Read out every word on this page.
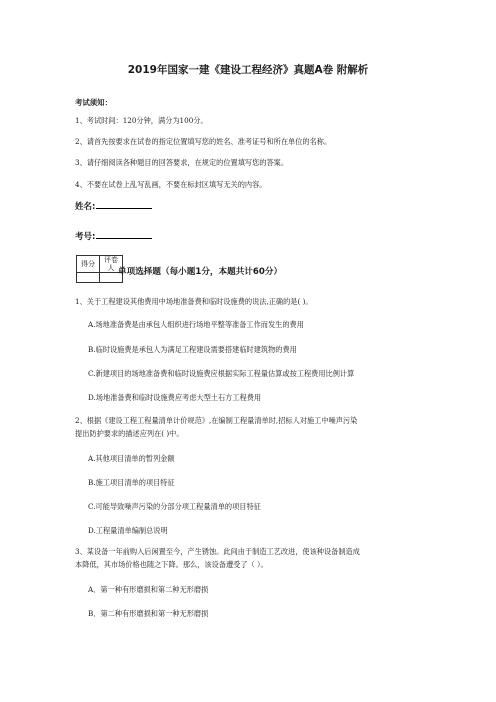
2019年国家一建《建设工程经济》真题A卷 附解析
考试须知：
1、考试时间：120分钟，满分为100分。
2、请首先按要求在试卷的指定位置填写您的姓名、准考证号和所在单位的名称。
3、请仔细阅读各种题目的回答要求，在规定的位置填写您的答案。
4、不要在试卷上乱写乱画，不要在标封区填写无关的内容。
姓名:
考号:
得分	评卷人
	单项选择题（每小题1分，本题共计60分）
1、关于工程建设其他费用中场地准备费和临时设施费的说法,正确的是( )。
A.场地准备费是由承包人组织进行场地平整等准备工作而发生的费用
B.临时设施费是承包人为满足工程建设需要搭建临时建筑物的费用
C.新建项目的场地准备费和临时设施费应根据实际工程量估算或按工程费用比例计算
D.场地准备费和临时设施费应考虑大型土石方工程费用
2、根据《建设工程工程量清单计价规范》,在编制工程量清单时,招标人对施工中噪声污染
提出防护要求的描述应列在( )中。
A.其他项目清单的暂列金额
B.施工项目清单的项目特征
C.可能导致噪声污染的分部分项工程量清单的项目特征
D.工程量清单编制总说明
3、某设备一年前购入后闲置至今，产生锈蚀。此间由于制造工艺改进，使该种设备制造成
本降低，其市场价格也随之下降。那么，该设备遭受了（ ）。
A．第一种有形磨损和第二种无形磨损
B．第二种有形磨损和第一种无形磨损
